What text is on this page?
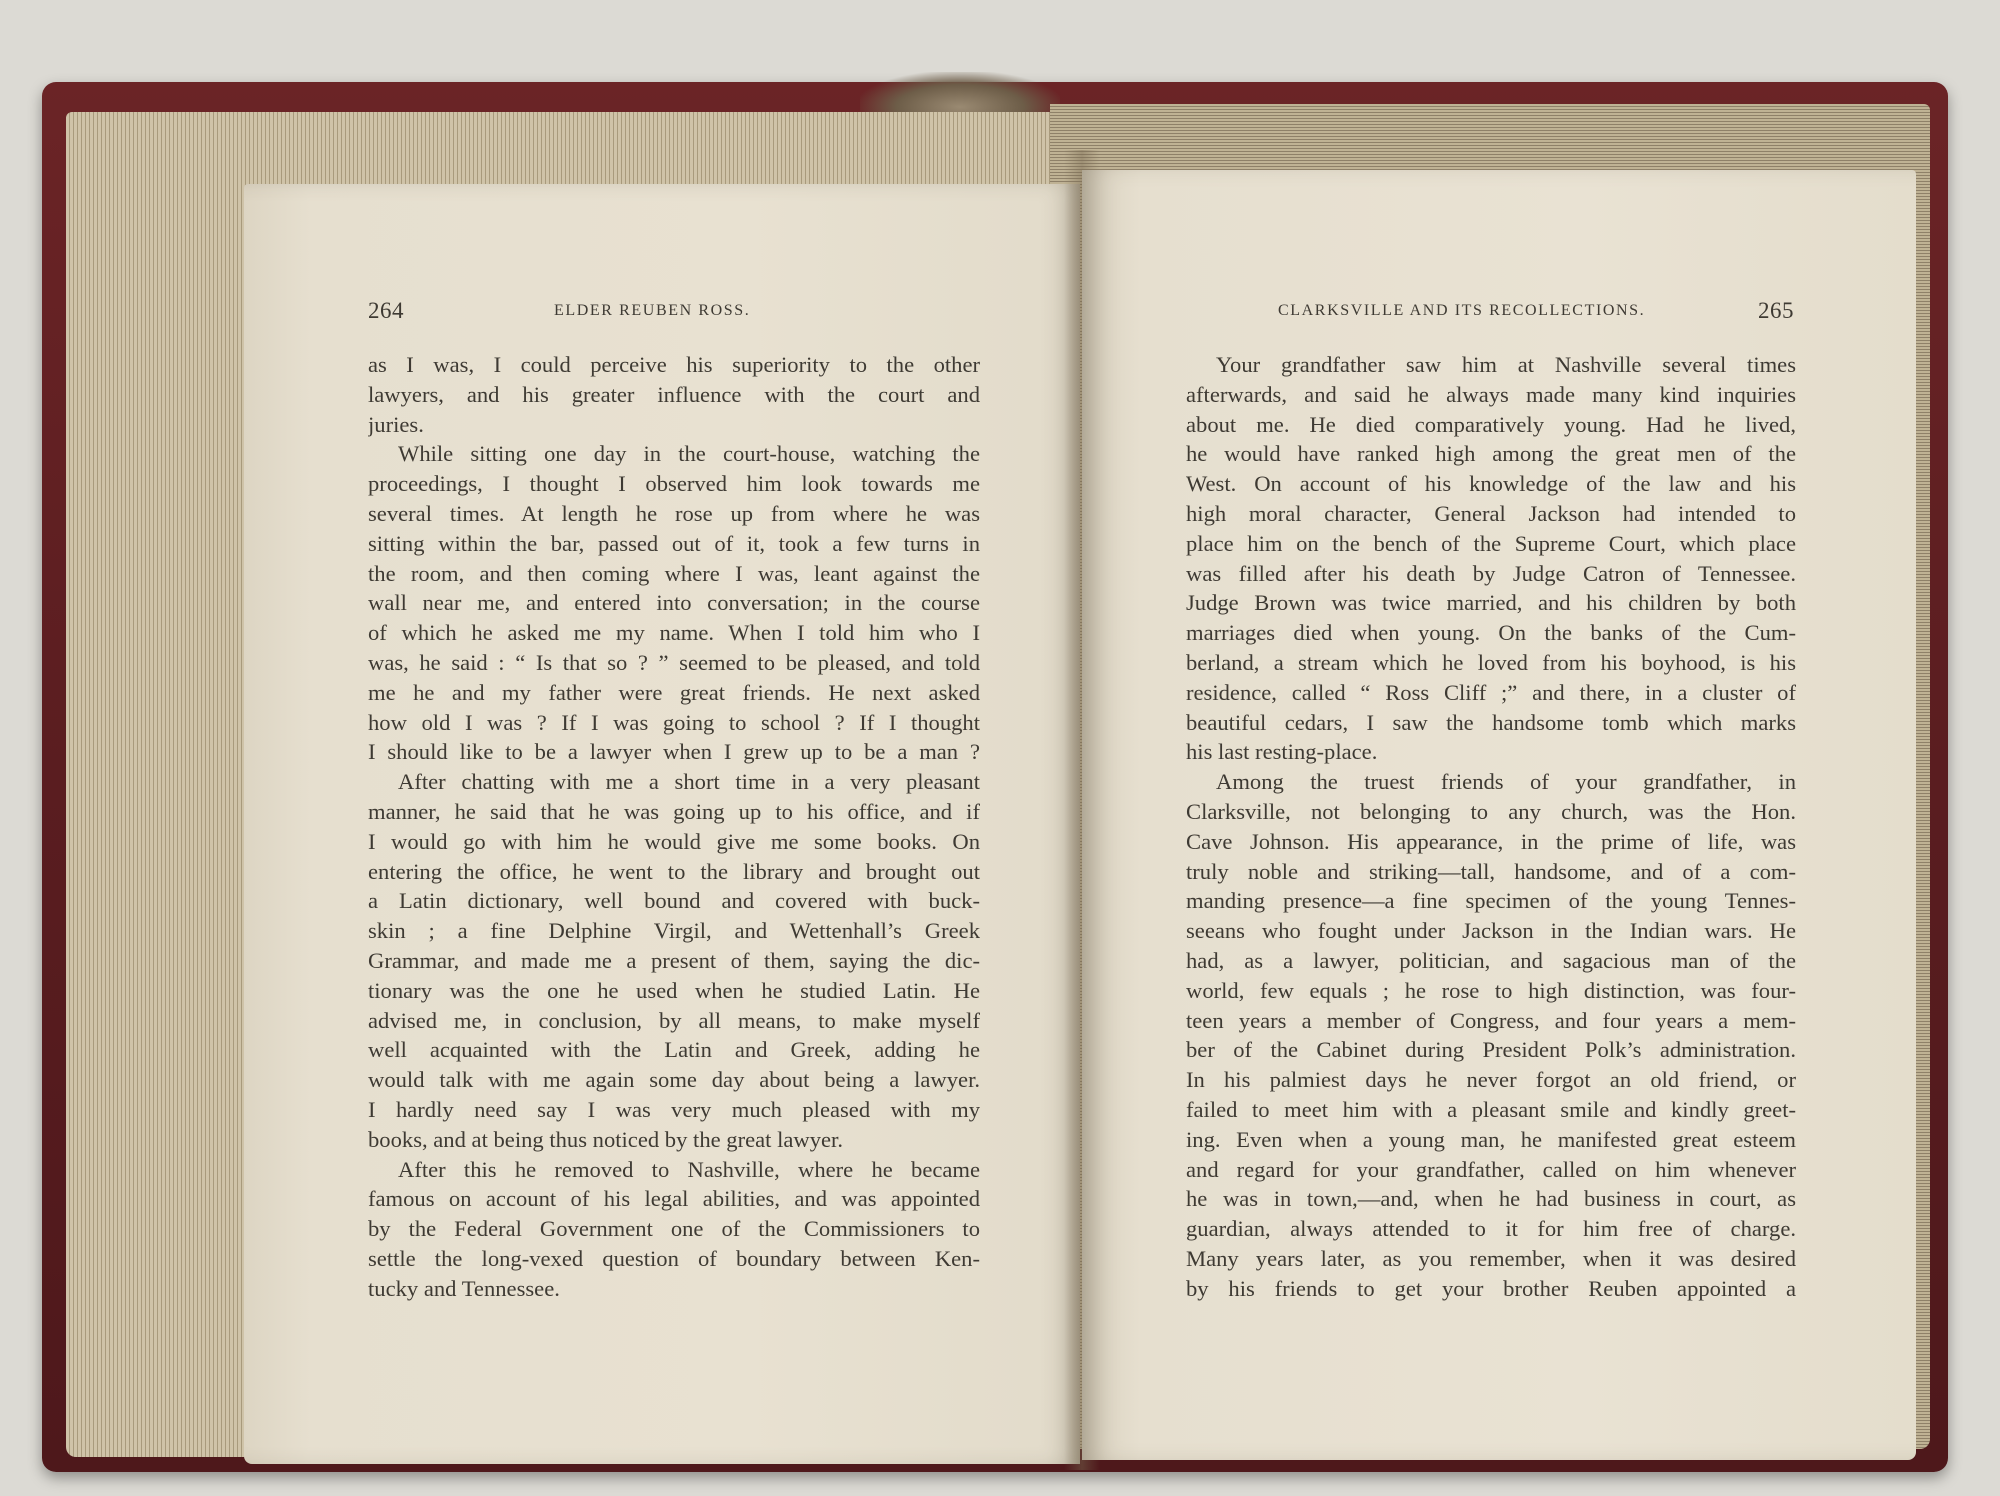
264	ELDER REUBEN ROSS.
as I was, I could perceive his superiority to the other
lawyers, and his greater influence with the court and
juries.
While sitting one day in the court-house, watching the
proceedings, I thought I observed him look towards me
several times. At length he rose up from where he was
sitting within the bar, passed out of it, took a few turns in
the room, and then coming where I was, leant against the
wall near me, and entered into conversation; in the course
of which he asked me my name. When I told him who I
was, he said : “ Is that so ? ” seemed to be pleased, and told
me he and my father were great friends. He next asked
how old I was ? If I was going to school ? If I thought
I should like to be a lawyer when I grew up to be a man ?
After chatting with me a short time in a very pleasant
manner, he said that he was going up to his office, and if
I would go with him he would give me some books. On
entering the office, he went to the library and brought out
a Latin dictionary, well bound and covered with buck-
skin ; a fine Delphine Virgil, and Wettenhall’s Greek
Grammar, and made me a present of them, saying the dic-
tionary was the one he used when he studied Latin. He
advised me, in conclusion, by all means, to make myself
well acquainted with the Latin and Greek, adding he
would talk with me again some day about being a lawyer.
I hardly need say I was very much pleased with my
books, and at being thus noticed by the great lawyer.
After this he removed to Nashville, where he became
famous on account of his legal abilities, and was appointed
by the Federal Government one of the Commissioners to
settle the long-vexed question of boundary between Ken-
tucky and Tennessee.
CLARKSVILLE AND ITS RECOLLECTIONS.	265
Your grandfather saw him at Nashville several times
afterwards, and said he always made many kind inquiries
about me. He died comparatively young. Had he lived,
he would have ranked high among the great men of the
West. On account of his knowledge of the law and his
high moral character, General Jackson had intended to
place him on the bench of the Supreme Court, which place
was filled after his death by Judge Catron of Tennessee.
Judge Brown was twice married, and his children by both
marriages died when young. On the banks of the Cum-
berland, a stream which he loved from his boyhood, is his
residence, called “ Ross Cliff ;” and there, in a cluster of
beautiful cedars, I saw the handsome tomb which marks
his last resting-place.
Among the truest friends of your grandfather, in
Clarksville, not belonging to any church, was the Hon.
Cave Johnson. His appearance, in the prime of life, was
truly noble and striking—tall, handsome, and of a com-
manding presence—a fine specimen of the young Tennes-
seeans who fought under Jackson in the Indian wars. He
had, as a lawyer, politician, and sagacious man of the
world, few equals ; he rose to high distinction, was four-
teen years a member of Congress, and four years a mem-
ber of the Cabinet during President Polk’s administration.
In his palmiest days he never forgot an old friend, or
failed to meet him with a pleasant smile and kindly greet-
ing. Even when a young man, he manifested great esteem
and regard for your grandfather, called on him whenever
he was in town,—and, when he had business in court, as
guardian, always attended to it for him free of charge.
Many years later, as you remember, when it was desired
by his friends to get your brother Reuben appointed a
